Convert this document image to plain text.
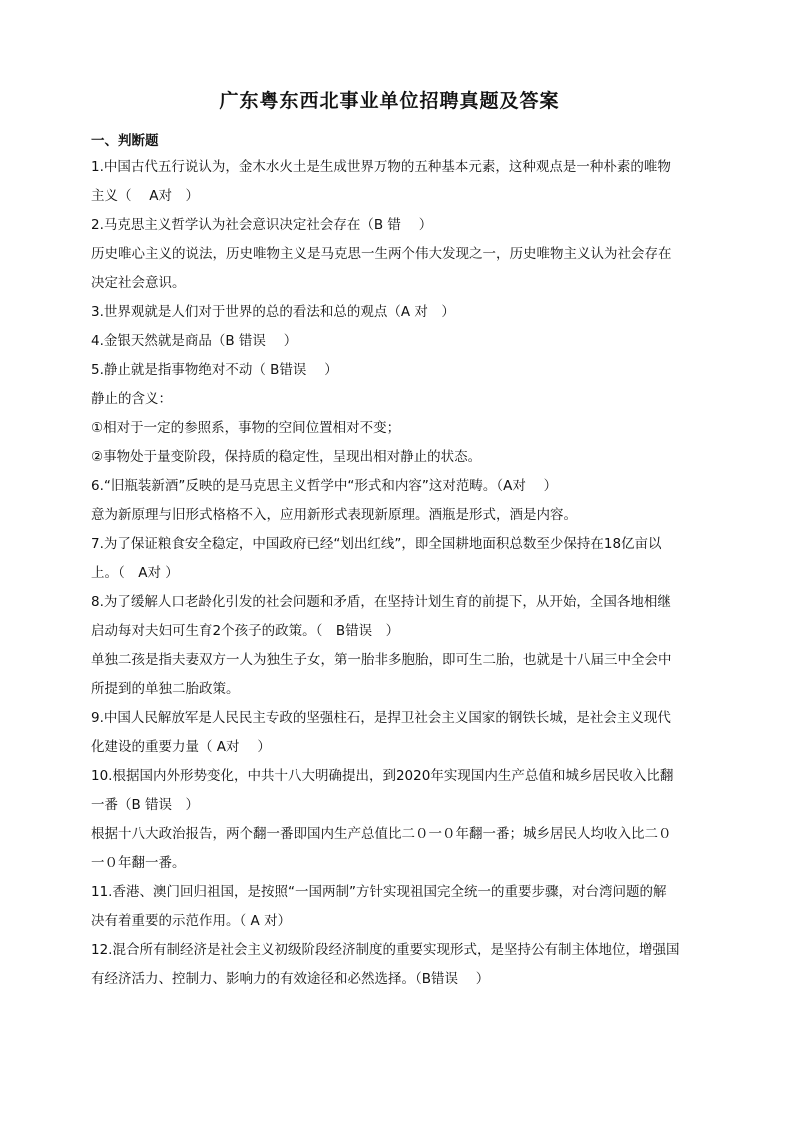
广东粤东西北事业单位招聘真题及答案
一、判断题

1.中国古代五行说认为，金木水火土是生成世界万物的五种基本元素，这种观点是一种朴素的唯物

主义（　 A对　）

2.马克思主义哲学认为社会意识决定社会存在（B 错　 ）

历史唯心主义的说法，历史唯物主义是马克思一生两个伟大发现之一，历史唯物主义认为社会存在

决定社会意识。

3.世界观就是人们对于世界的总的看法和总的观点（A 对　）

4.金银天然就是商品（B 错误　 ）

5.静止就是指事物绝对不动（ B错误　 ）

静止的含义：

①相对于一定的参照系，事物的空间位置相对不变；

②事物处于量变阶段，保持质的稳定性，呈现出相对静止的状态。

6.“旧瓶装新酒”反映的是马克思主义哲学中“形式和内容”这对范畴。（A对　 ）

意为新原理与旧形式格格不入，应用新形式表现新原理。酒瓶是形式，酒是内容。

7.为了保证粮食安全稳定，中国政府已经“划出红线”，即全国耕地面积总数至少保持在18亿亩以

上。（　A对 ）

8.为了缓解人口老龄化引发的社会问题和矛盾，在坚持计划生育的前提下，从开始，全国各地相继

启动每对夫妇可生育2个孩子的政策。（　B错误　）

单独二孩是指夫妻双方一人为独生子女，第一胎非多胞胎，即可生二胎，也就是十八届三中全会中

所提到的单独二胎政策。

9.中国人民解放军是人民民主专政的坚强柱石，是捍卫社会主义国家的钢铁长城，是社会主义现代

化建设的重要力量（ A对　 ）

10.根据国内外形势变化，中共十八大明确提出，到2020年实现国内生产总值和城乡居民收入比翻

一番（B 错误　）

根据十八大政治报告，两个翻一番即国内生产总值比二０一０年翻一番；城乡居民人均收入比二０

一０年翻一番。

11.香港、澳门回归祖国，是按照“一国两制”方针实现祖国完全统一的重要步骤，对台湾问题的解

决有着重要的示范作用。（ A 对）

12.混合所有制经济是社会主义初级阶段经济制度的重要实现形式，是坚持公有制主体地位，增强国

有经济活力、控制力、影响力的有效途径和必然选择。（B错误　 ）
